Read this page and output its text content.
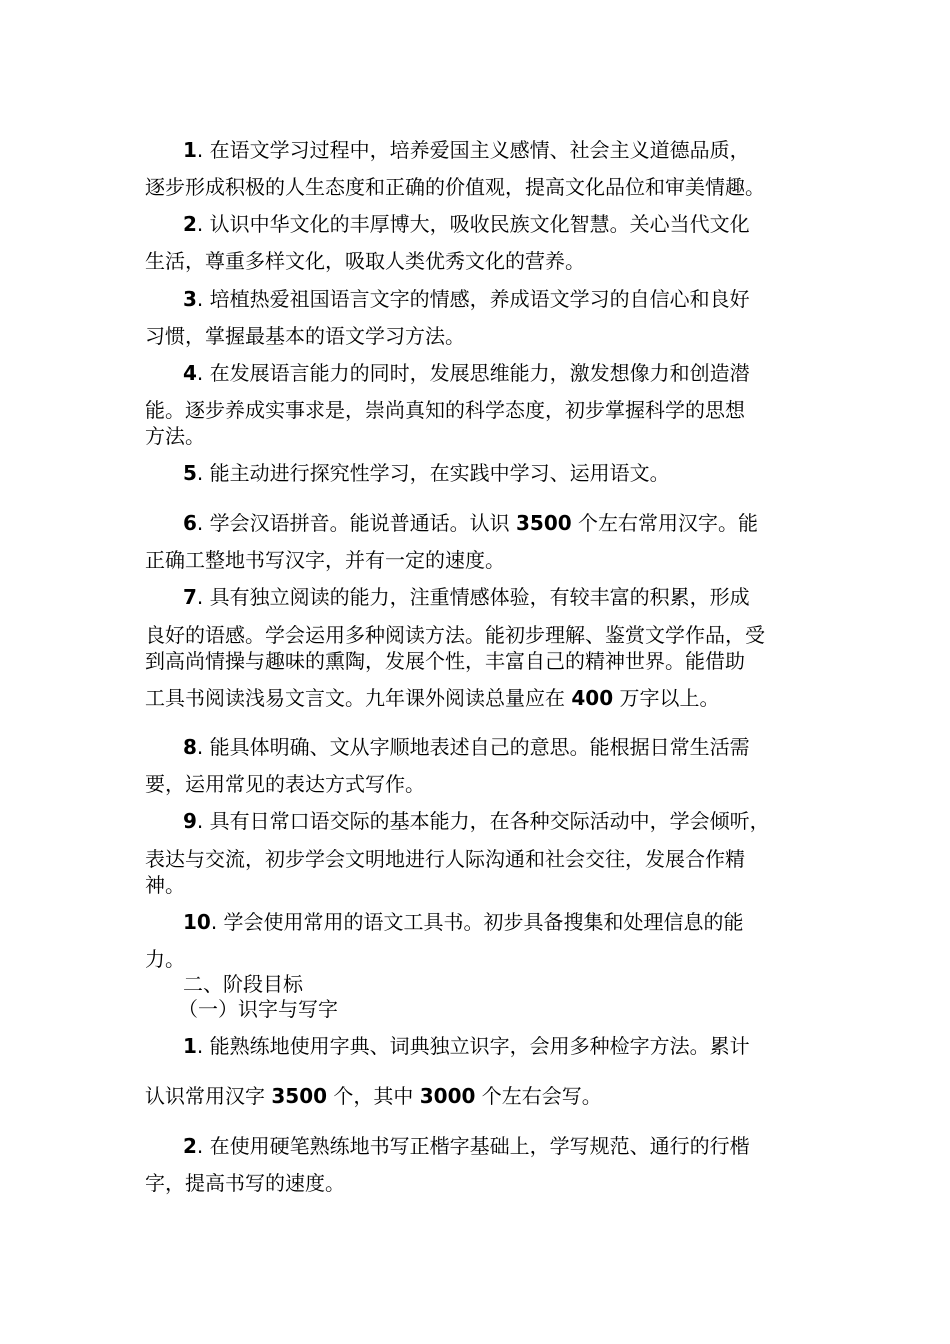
1. 在语文学习过程中，培养爱国主义感情、社会主义道德品质，
逐步形成积极的人生态度和正确的价值观，提高文化品位和审美情趣。
2. 认识中华文化的丰厚博大，吸收民族文化智慧。关心当代文化
生活，尊重多样文化，吸取人类优秀文化的营养。
3. 培植热爱祖国语言文字的情感，养成语文学习的自信心和良好
习惯，掌握最基本的语文学习方法。
4. 在发展语言能力的同时，发展思维能力，激发想像力和创造潜
能。逐步养成实事求是，崇尚真知的科学态度，初步掌握科学的思想
方法。
5. 能主动进行探究性学习，在实践中学习、运用语文。
6. 学会汉语拼音。能说普通话。认识 3500 个左右常用汉字。能
正确工整地书写汉字，并有一定的速度。
7. 具有独立阅读的能力，注重情感体验，有较丰富的积累，形成
良好的语感。学会运用多种阅读方法。能初步理解、鉴赏文学作品，受
到高尚情操与趣味的熏陶，发展个性，丰富自己的精神世界。能借助
工具书阅读浅易文言文。九年课外阅读总量应在 400 万字以上。
8. 能具体明确、文从字顺地表述自己的意思。能根据日常生活需
要，运用常见的表达方式写作。
9. 具有日常口语交际的基本能力，在各种交际活动中，学会倾听，
表达与交流，初步学会文明地进行人际沟通和社会交往，发展合作精
神。
10. 学会使用常用的语文工具书。初步具备搜集和处理信息的能
力。
二、阶段目标
（一）识字与写字
1. 能熟练地使用字典、词典独立识字，会用多种检字方法。累计
认识常用汉字 3500 个，其中 3000 个左右会写。
2. 在使用硬笔熟练地书写正楷字基础上，学写规范、通行的行楷
字，提高书写的速度。
